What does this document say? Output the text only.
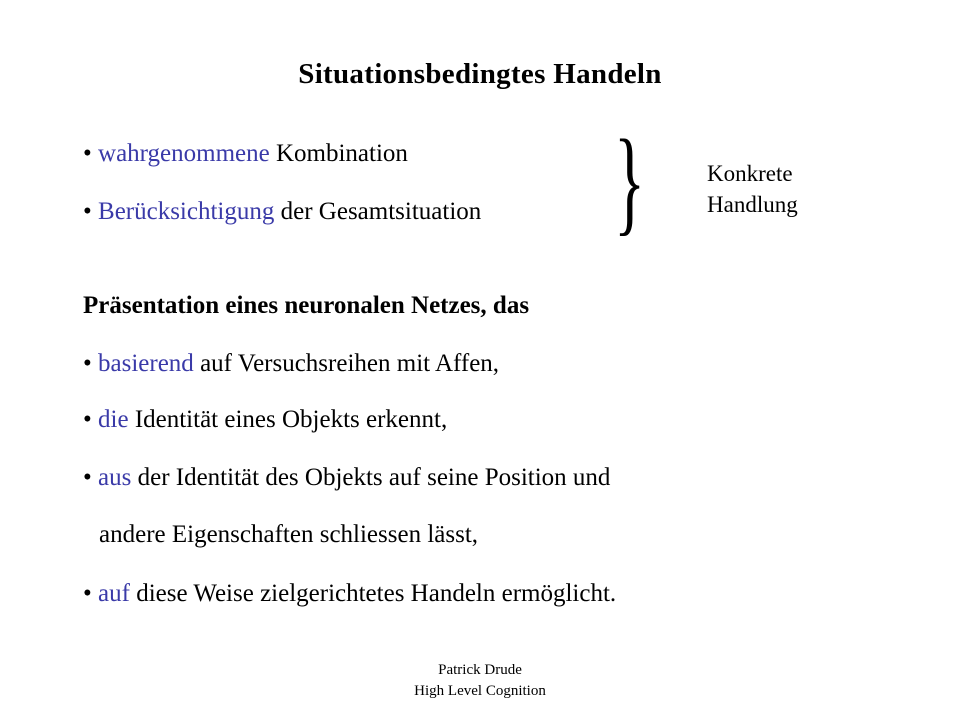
Situationsbedingtes Handeln
• wahrgenommene Kombination
• Berücksichtigung der Gesamtsituation }	Konkrete
Handlung
Präsentation eines neuronalen Netzes, das
• basierend auf Versuchsreihen mit Affen,
• die Identität eines Objekts erkennt,
• aus der Identität des Objekts auf seine Position und
andere Eigenschaften schliessen lässt,
• auf diese Weise zielgerichtetes Handeln ermöglicht.
Patrick Drude
High Level Cognition
